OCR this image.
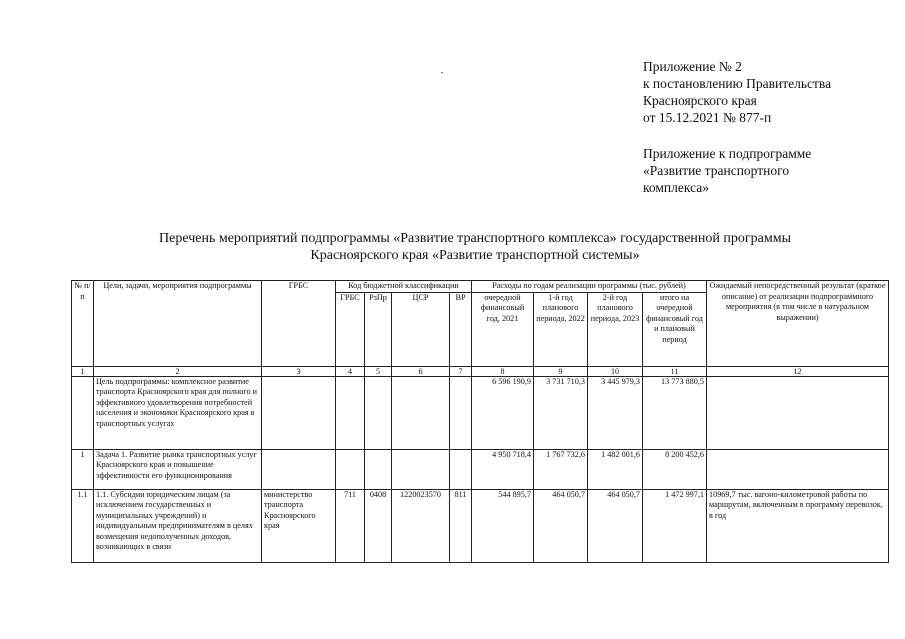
Приложение № 2
к постановлению Правительства
Красноярского края
от 15.12.2021 № 877-п
Приложение к подпрограмме
«Развитие транспортного
комплекса»
Перечень мероприятий подпрограммы «Развитие транспортного комплекса» государственной программы
Красноярского края «Развитие транспортной системы»
№ п/п	Цели, задачи, мероприятия подпрограммы	ГРБС	Код бюджетной классификации				Расходы по годам реализации программы (тыс. рублей)				Ожидаемый непосредственный результат (краткое описание) от реализации подпрограммного мероприятия (в том числе в натуральном выражении)
			ГРБС	РзПр	ЦСР	ВР	очередной финансовый год, 2021	1-й год планового периода, 2022	2-й год планового периода, 2023	итого на очередной финансовый год и плановый период	
1	2	3	4	5	6	7	8	9	10	11	12

	Цель подпрограммы: комплексное развитие транспорта Красноярского края для полного и эффективного удовлетворения потребностей населения и экономики Красноярского края в транспортных услугах						6 596 190,9	3 731 710,3	3 445 979,3	13 773 880,5	
1	Задача 1. Развитие рынка транспортных услуг Красноярского края и повышение эффективности его функционирования						4 950 718,4	1 767 732,6	1 482 001,6	8 200 452,6	
1.1	1.1. Субсидии юридическим лицам (за исключением государственных и муниципальных учреждений) и индивидуальным предпринимателям в целях возмещения недополученных доходов, возникающих в связи	министерство транспорта Красноярского края	711	0408	1220023570	811	544 895,7	464 050,7	464 050,7	1 472 997,1	10969,7 тыс. вагоно-километровой работы по маршрутам, включенным в программу перевозок, в год
